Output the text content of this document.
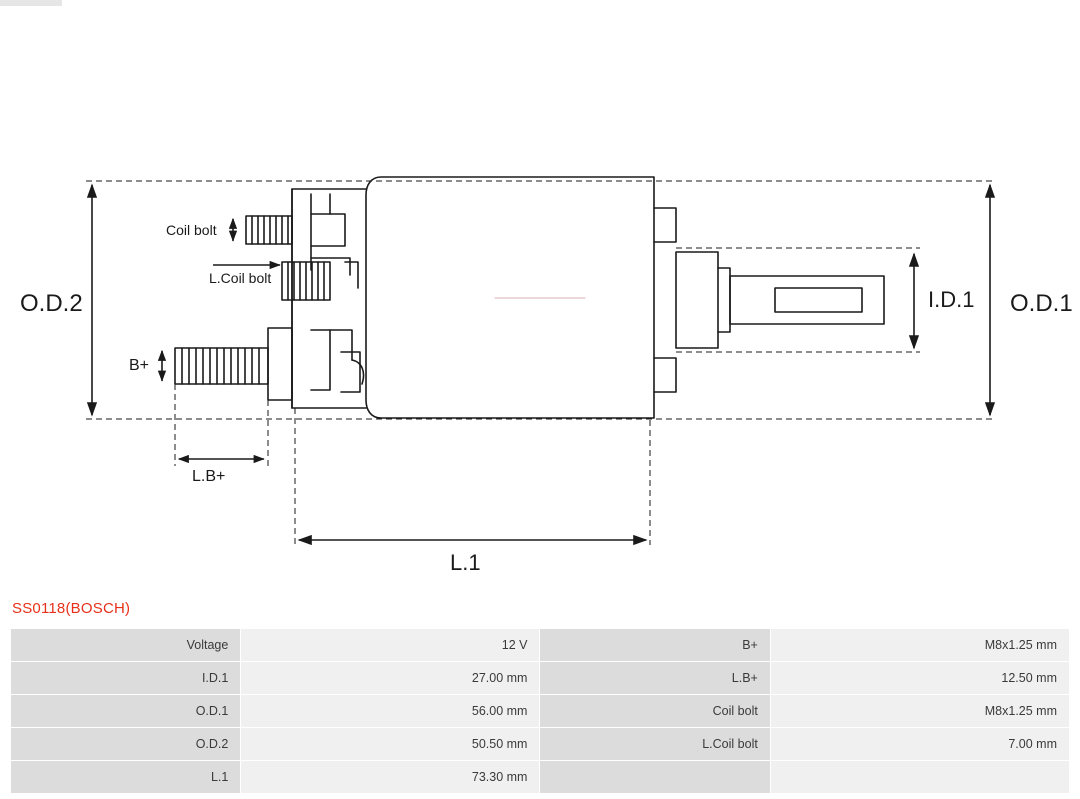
O.D.2	O.D.1
I.D.1
L.1
L.B+
B+
Coil bolt
L.Coil bolt
SS0118(BOSCH)
Voltage	12 V	B+	M8x1.25 mm
I.D.1	27.00 mm	L.B+	12.50 mm
O.D.1	56.00 mm	Coil bolt	M8x1.25 mm
O.D.2	50.50 mm	L.Coil bolt	7.00 mm
L.1	73.30 mm		
